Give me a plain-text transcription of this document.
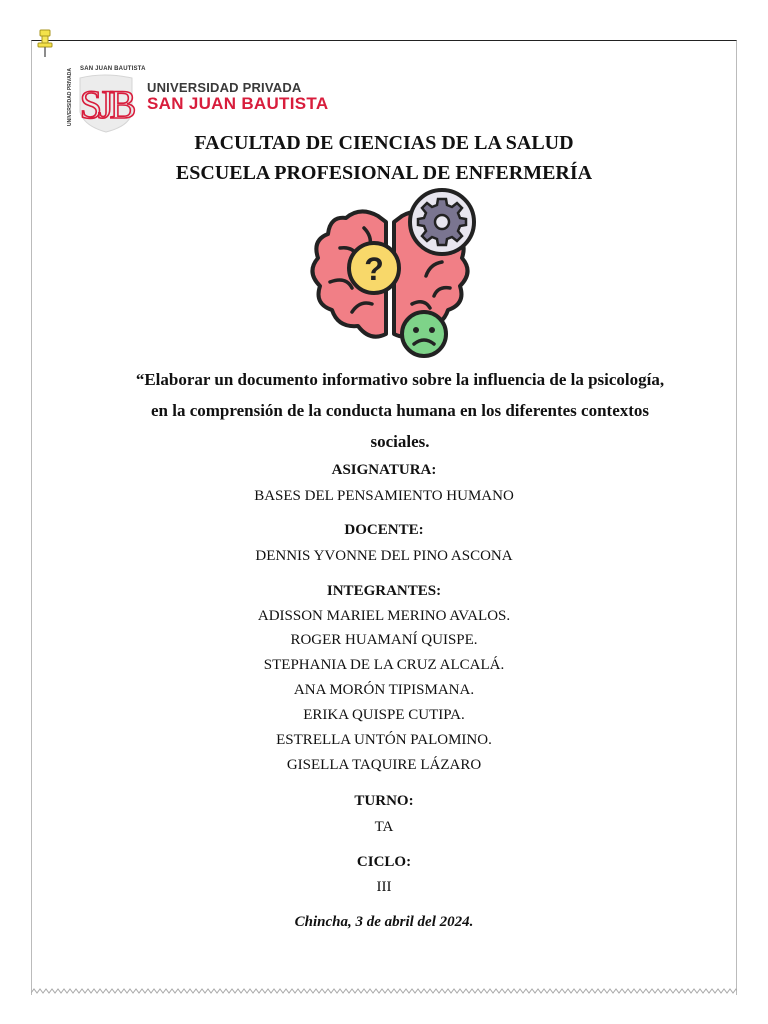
SJB
SAN JUAN BAUTISTA
UNIVERSIDAD PRIVADA	UNIVERSIDAD PRIVADA
SAN JUAN BAUTISTA
FACULTAD DE CIENCIAS DE LA SALUD
ESCUELA PROFESIONAL DE ENFERMERÍA
?
“Elaborar un documento informativo sobre la influencia de la psicología,
en la comprensión de la conducta humana en los diferentes contextos
sociales.
ASIGNATURA:
BASES DEL PENSAMIENTO HUMANO
DOCENTE:
DENNIS YVONNE DEL PINO ASCONA
INTEGRANTES:
ADISSON MARIEL MERINO AVALOS.
ROGER HUAMANÍ QUISPE.
STEPHANIA DE LA CRUZ ALCALÁ.
ANA MORÓN TIPISMANA.
ERIKA QUISPE CUTIPA.
ESTRELLA UNTÓN PALOMINO.
GISELLA TAQUIRE LÁZARO
TURNO:
TA
CICLO:
III
Chincha, 3 de abril del 2024.
